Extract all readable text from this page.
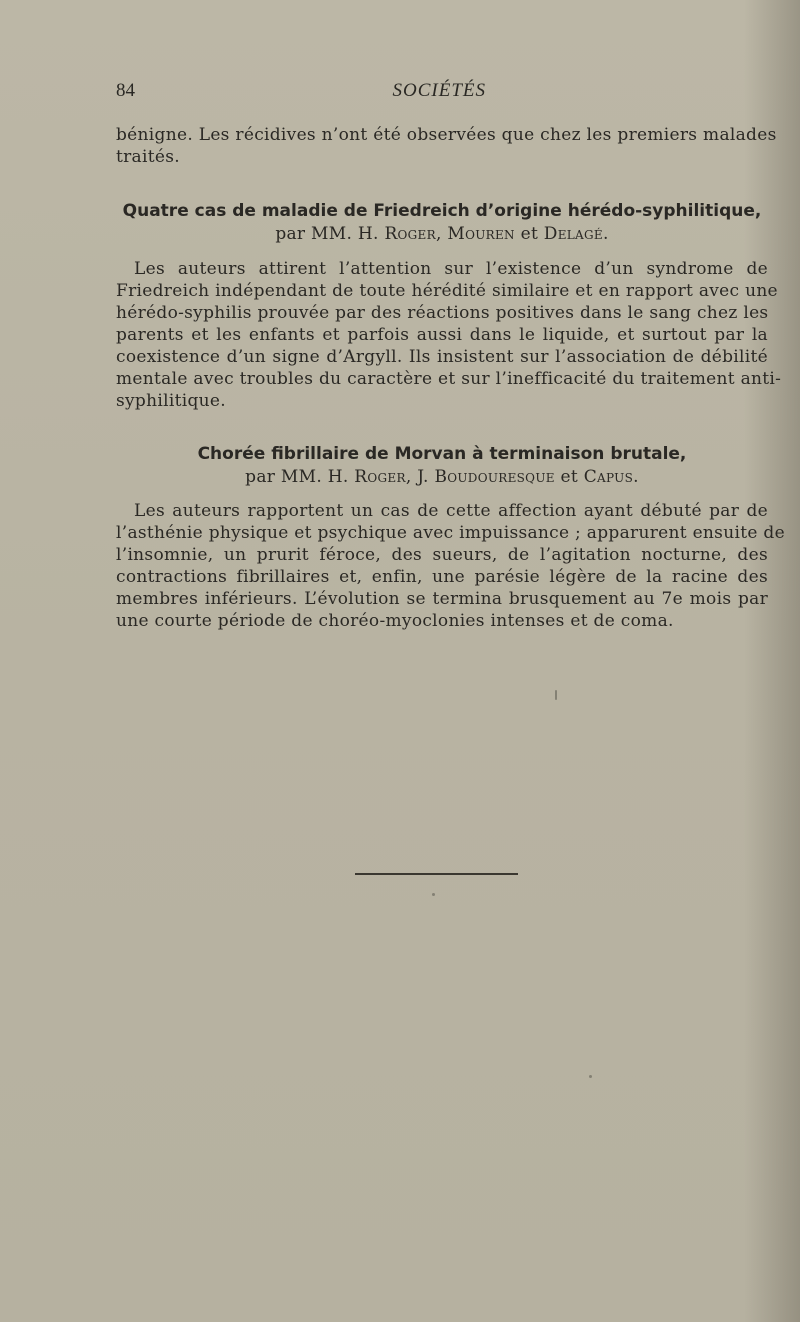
84	SOCIÉTÉS
bénigne. Les récidives n’ont été observées que chez les premiers malades
traités.
Quatre cas de maladie de Friedreich d’origine hérédo-syphilitique,
par MM. H. Roger, Mouren et Delagé.
Les auteurs attirent l’attention sur l’existence d’un syndrome de
Friedreich indépendant de toute hérédité similaire et en rapport avec une
hérédo-syphilis prouvée par des réactions positives dans le sang chez les
parents et les enfants et parfois aussi dans le liquide, et surtout par la
coexistence d’un signe d’Argyll. Ils insistent sur l’association de débilité
mentale avec troubles du caractère et sur l’inefficacité du traitement anti-
syphilitique.
Chorée fibrillaire de Morvan à terminaison brutale,
par MM. H. Roger, J. Boudouresque et Capus.
Les auteurs rapportent un cas de cette affection ayant débuté par de
l’asthénie physique et psychique avec impuissance ; apparurent ensuite de
l’insomnie, un prurit féroce, des sueurs, de l’agitation nocturne, des
contractions fibrillaires et, enfin, une parésie légère de la racine des
membres inférieurs. L’évolution se termina brusquement au 7e mois par
une courte période de choréo-myoclonies intenses et de coma.
